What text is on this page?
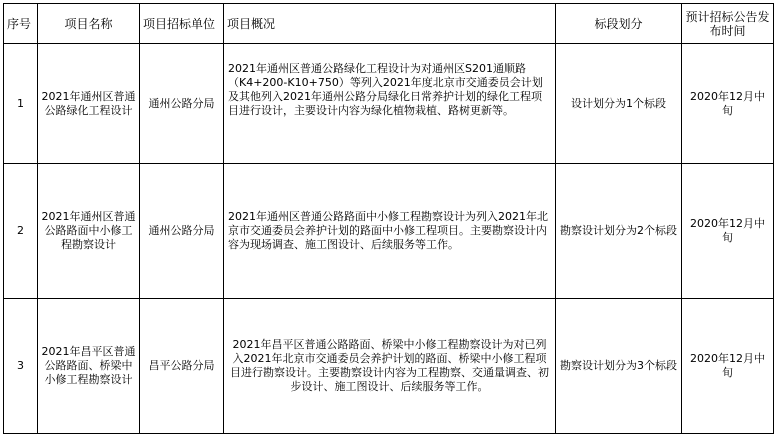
序号	项目名称	项目招标单位	项目概况	标段划分	预计招标公告发布时间
1	2021年通州区普通公路绿化工程设计	通州公路分局	2021年通州区普通公路绿化工程设计为对通州区S201通顺路（K4+200-K10+750）等列入2021年度北京市交通委员会计划及其他列入2021年通州公路分局绿化日常养护计划的绿化工程项目进行设计，主要设计内容为绿化植物栽植、路树更新等。	设计划分为1个标段	2020年12月中旬
2	2021年通州区普通公路路面中小修工程勘察设计	通州公路分局	2021年通州区普通公路路面中小修工程勘察设计为列入2021年北京市交通委员会养护计划的路面中小修工程项目。主要勘察设计内容为现场调查、施工图设计、后续服务等工作。	勘察设计划分为2个标段	2020年12月中旬
3	2021年昌平区普通公路路面、桥梁中小修工程勘察设计	昌平公路分局	2021年昌平区普通公路路面、桥梁中小修工程勘察设计为对已列入2021年北京市交通委员会养护计划的路面、桥梁中小修工程项目进行勘察设计。主要勘察设计内容为工程勘察、交通量调查、初步设计、施工图设计、后续服务等工作。	勘察设计划分为3个标段	2020年12月中旬
